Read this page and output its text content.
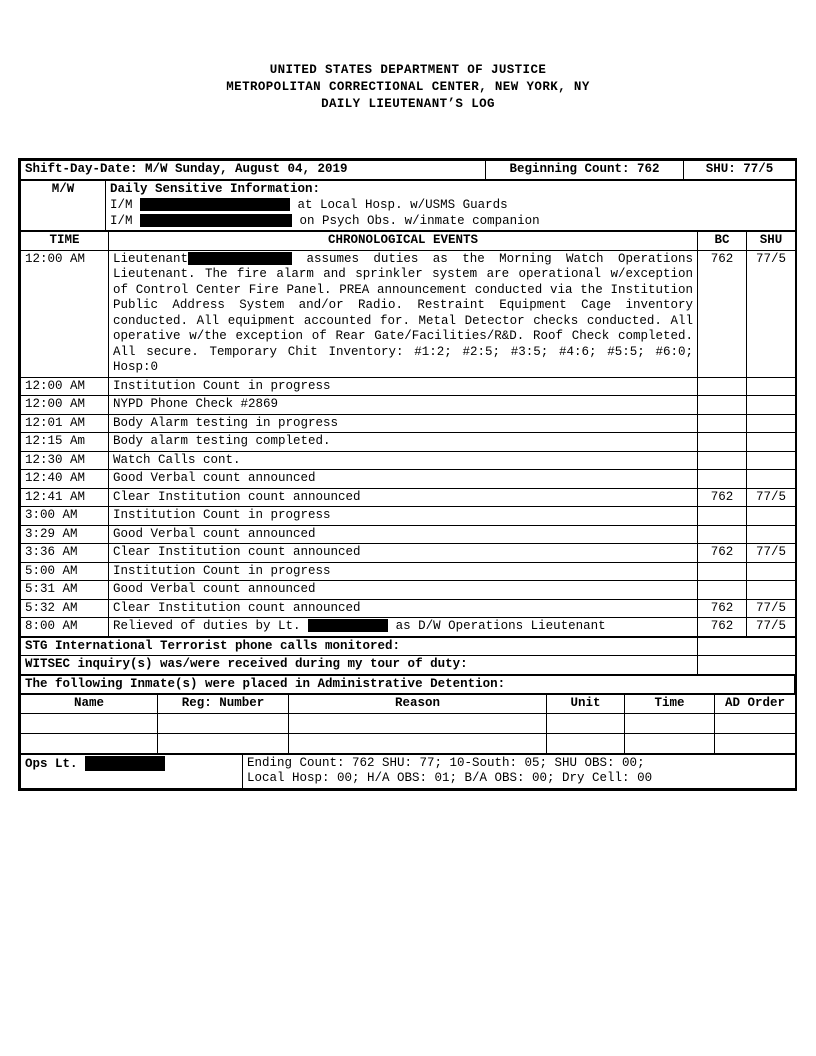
UNITED STATES DEPARTMENT OF JUSTICE
METROPOLITAN CORRECTIONAL CENTER, NEW YORK, NY
DAILY LIEUTENANT’S LOG
Shift-Day-Date: M/W Sunday, August 04, 2019	Beginning Count: 762	SHU: 77/5
M/W	Daily Sensitive Information:
I/M	at Local Hosp. w/USMS Guards
I/M	on Psych Obs. w/inmate companion
TIME	CHRONOLOGICAL EVENTS	BC	SHU
12:00 AM	Lieutenant assumes duties as the Morning Watch Operations Lieutenant. The fire alarm and sprinkler system are operational w/exception of Control Center Fire Panel. PREA announcement conducted via the Institution Public Address System and/or Radio. Restraint Equipment Cage inventory conducted. All equipment accounted for. Metal Detector checks conducted. All operative w/the exception of Rear Gate/Facilities/R&D. Roof Check completed. All secure. Temporary Chit Inventory: #1:2; #2:5; #3:5; #4:6; #5:5; #6:0; Hosp:0	762	77/5
12:00 AM	Institution Count in progress		
12:00 AM	NYPD Phone Check #2869		
12:01 AM	Body Alarm testing in progress		
12:15 Am	Body alarm testing completed.		
12:30 AM	Watch Calls cont.		
12:40 AM	Good Verbal count announced		
12:41 AM	Clear Institution count announced	762	77/5
3:00 AM	Institution Count in progress		
3:29 AM	Good Verbal count announced		
3:36 AM	Clear Institution count announced	762	77/5
5:00 AM	Institution Count in progress		
5:31 AM	Good Verbal count announced		
5:32 AM	Clear Institution count announced	762	77/5
8:00 AM	Relieved of duties by Lt. as D/W Operations Lieutenant	762	77/5
STG International Terrorist phone calls monitored:	
WITSEC inquiry(s) was/were received during my tour of duty:	
The following Inmate(s) were placed in Administrative Detention:
Name	Reg: Number	Reason	Unit	Time	AD Order

Ops Lt.	Ending Count: 762 SHU: 77; 10-South: 05; SHU OBS: 00;
Local Hosp: 00; H/A OBS: 01; B/A OBS: 00; Dry Cell: 00
